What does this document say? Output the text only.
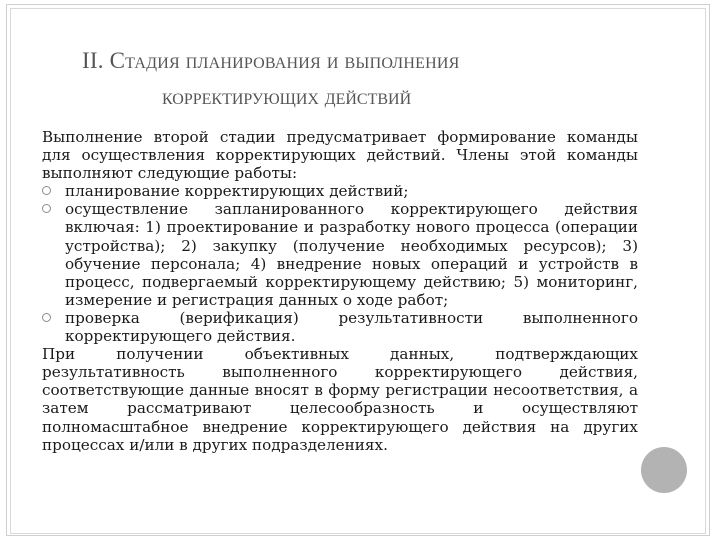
II. Стадия планирования и выполнения
корректирующих действий

Выполнение второй стадии предусматривает формирование команды для осуществления корректирующих действий. Члены этой команды выполняют следующие работы:

планирование корректирующих действий;
осуществление запланированного корректирующего действия включая: 1) проектирование и разработку нового процесса (операции устройства); 2) закупку (получение необходимых ресурсов); 3) обучение персонала; 4) внедрение новых операций и устройств в процесс, подвергаемый корректирующему действию; 5) мониторинг, измерение и регистрация данных о ходе работ;
проверка (верификация) результативности выполненного корректирующего действия.

При получении объективных данных, подтверждающих результативность выполненного корректирующего действия, соответствующие данные вносят в форму регистрации несоответствия, а затем рассматривают целесообразность и осуществляют полномасштабное внедрение корректирующего действия на других процессах и/или в других подразделениях.
